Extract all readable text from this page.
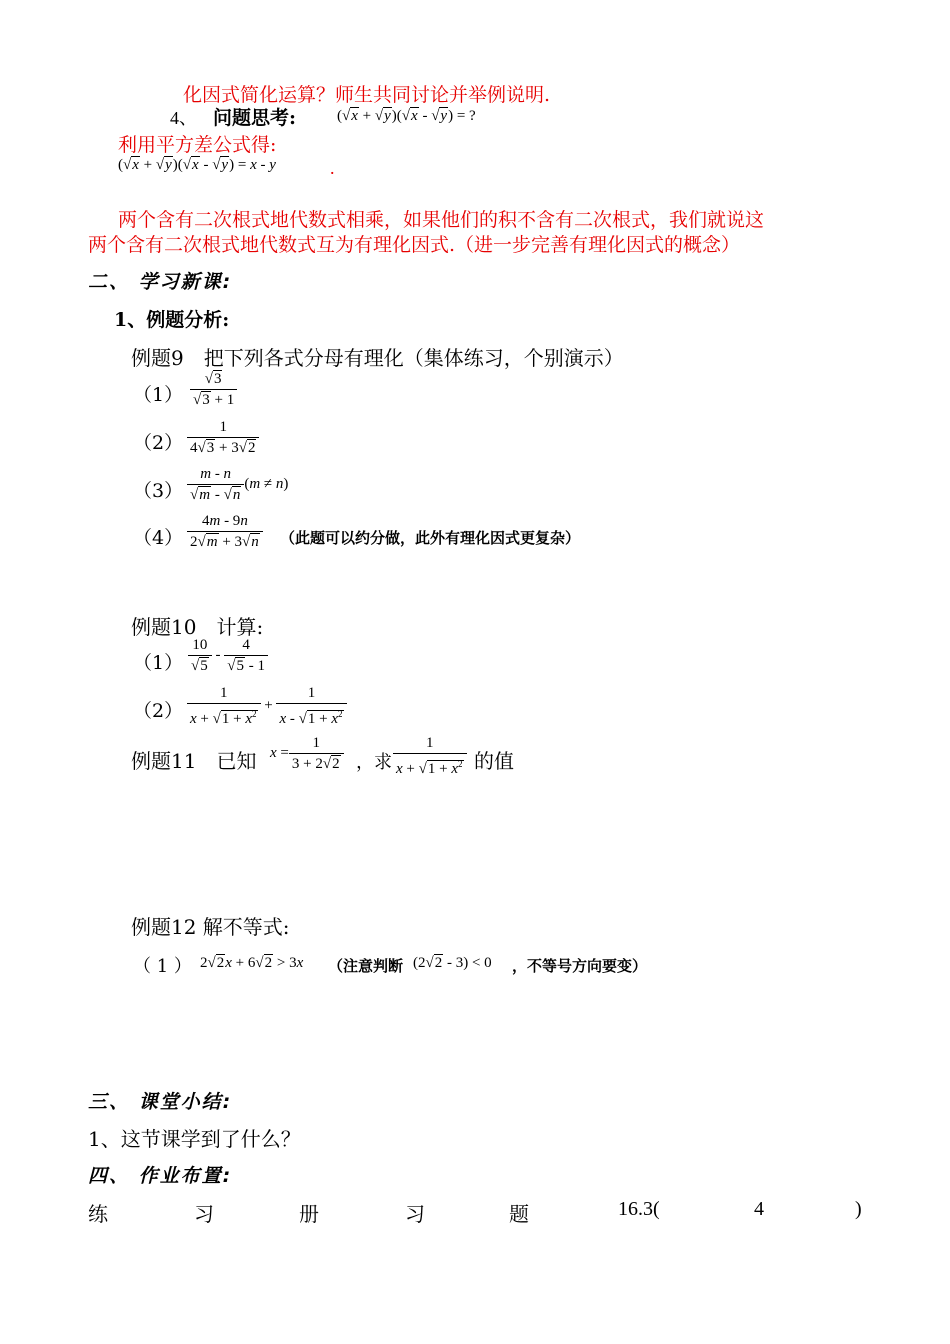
化因式简化运算？师生共同讨论并举例说明.
4、 问题思考:	(√x + √y)(√x - √y) = ?
利用平方差公式得:
(√x + √y)(√x - √y) = x - y	.
两个含有二次根式地代数式相乘，如果他们的积不含有二次根式，我们就说这
两个含有二次根式地代数式互为有理化因式.（进一步完善有理化因式的概念）
二、 学习新课:
1、例题分析:
例题9　把下列各式分母有理化（集体练习，个别演示）
$(1) \frac{√3}{√3 + 1}$
$(2) \frac{1}{4√3 + 3√2}$
$(3) \frac{m - n}{√m - √n} (m \ne n)$
$(4) \frac{4m - 9n}{2√m + 3√n}$ （此题可以约分做，此外有理化因式更复杂）
例题10　计算:
$(1) \frac{10}{√5} - \frac{4}{√5 - 1}$
$(2) \frac{1}{x + √1 + x^2} + \frac{1}{x - √1 + x^2}$
例题11　已知 $x = \frac{1}{3 + 2√2}$ ，求 $\frac{1}{x + √1 + x^2}$ 的值
例题12 解不等式:
（ 1 ） 2√2x + 6√2 > 3x （注意判断 (2√2 - 3) < 0 ，不等号方向要变）
三、 课堂小结:
1、这节课学到了什么？
四、 作业布置:
练	习	册	习	题	16.3(	4	)
